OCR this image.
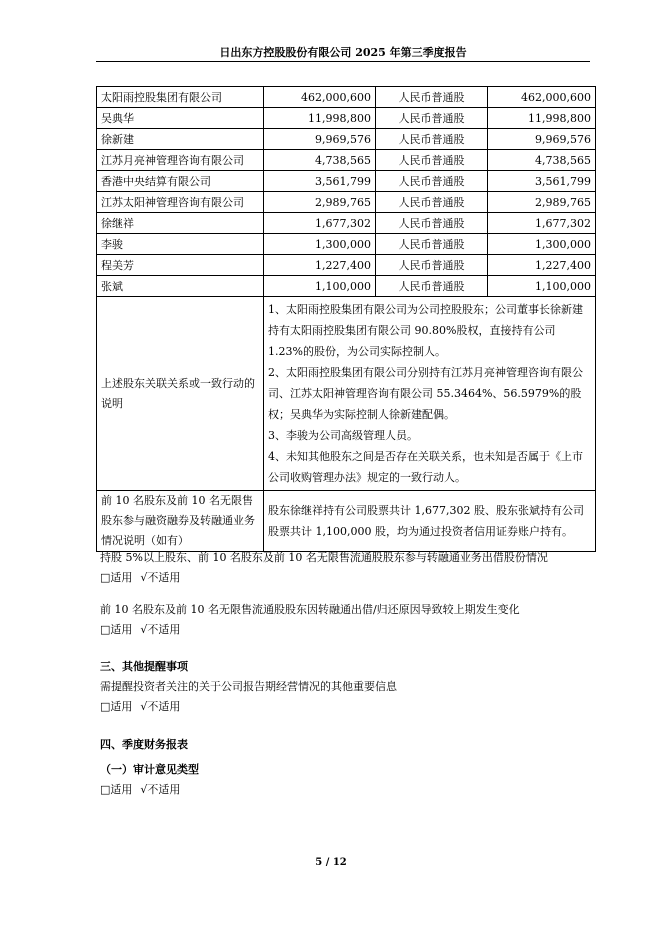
日出东方控股股份有限公司 2025 年第三季度报告
太阳雨控股集团有限公司	462,000,600	人民币普通股	462,000,600
吴典华	11,998,800	人民币普通股	11,998,800
徐新建	9,969,576	人民币普通股	9,969,576
江苏月亮神管理咨询有限公司	4,738,565	人民币普通股	4,738,565
香港中央结算有限公司	3,561,799	人民币普通股	3,561,799
江苏太阳神管理咨询有限公司	2,989,765	人民币普通股	2,989,765
徐继祥	1,677,302	人民币普通股	1,677,302
李骏	1,300,000	人民币普通股	1,300,000
程美芳	1,227,400	人民币普通股	1,227,400
张斌	1,100,000	人民币普通股	1,100,000
上述股东关联关系或一致行动的说明	1、太阳雨控股集团有限公司为公司控股股东；公司董事长徐新建持有太阳雨控股集团有限公司 90.80%股权，直接持有公司 1.23%的股份，为公司实际控制人。

2、太阳雨控股集团有限公司分别持有江苏月亮神管理咨询有限公司、江苏太阳神管理咨询有限公司 55.3464%、56.5979%的股权；吴典华为实际控制人徐新建配偶。

3、李骏为公司高级管理人员。

4、未知其他股东之间是否存在关联关系，也未知是否属于《上市公司收购管理办法》规定的一致行动人。		

前 10 名股东及前 10 名无限售股东参与融资融券及转融通业务情况说明（如有）	股东徐继祥持有公司股票共计 1,677,302 股、股东张斌持有公司股票共计 1,100,000 股，均为通过投资者信用证券账户持有。		
持股 5%以上股东、前 10 名股东及前 10 名无限售流通股股东参与转融通业务出借股份情况
□适用 √不适用
前 10 名股东及前 10 名无限售流通股股东因转融通出借/归还原因导致较上期发生变化
□适用 √不适用
三、其他提醒事项
需提醒投资者关注的关于公司报告期经营情况的其他重要信息
□适用 √不适用
四、季度财务报表
（一）审计意见类型
□适用 √不适用
5 / 12
